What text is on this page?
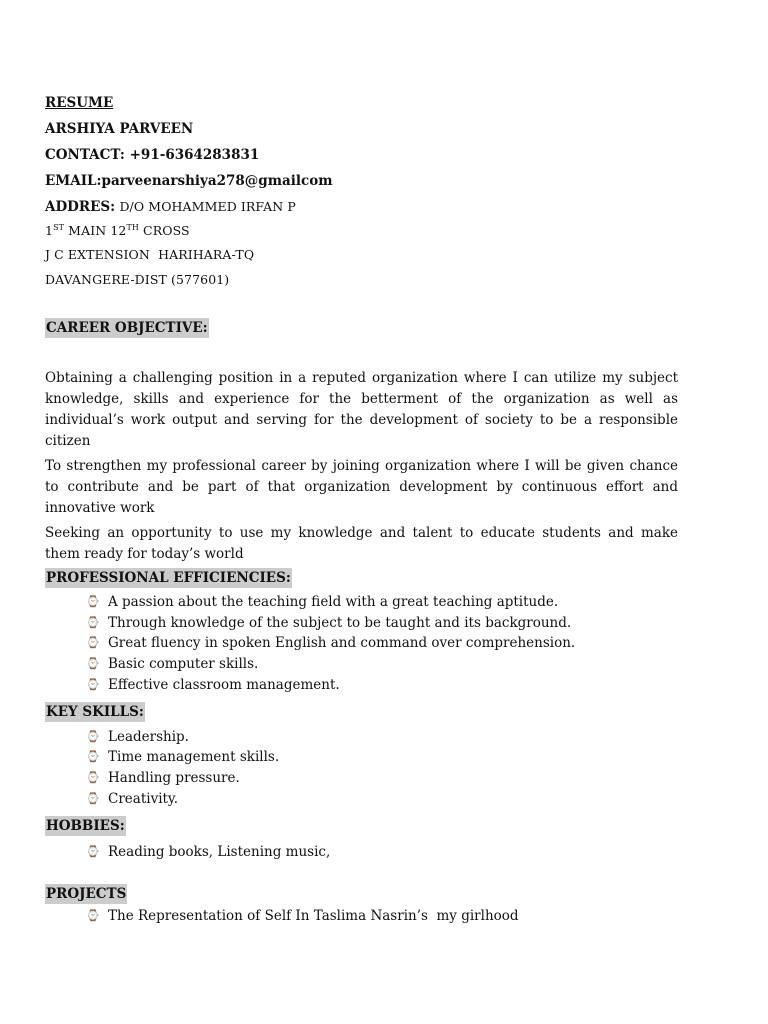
RESUME
ARSHIYA PARVEEN
CONTACT: +91-6364283831
EMAIL:parveenarshiya278@gmailcom
ADDRES: D/O MOHAMMED IRFAN P
1ST MAIN 12TH CROSS
J C EXTENSION  HARIHARA-TQ
DAVANGERE-DIST (577601)
CAREER OBJECTIVE:

Obtaining a challenging position in a reputed organization where I can utilize my subject knowledge, skills and experience for the betterment of the organization as well as individual’s work output and serving for the development of society to be a responsible citizen

To strengthen my professional career by joining organization where I will be given chance to contribute and be part of that organization development by continuous effort and innovative work

Seeking an opportunity to use my knowledge and talent to educate students and make them ready for today’s world

PROFESSIONAL EFFICIENCIES:
⌚ A passion about the teaching field with a great teaching aptitude.
⌚ Through knowledge of the subject to be taught and its background.
⌚ Great fluency in spoken English and command over comprehension.
⌚ Basic computer skills.
⌚ Effective classroom management.
KEY SKILLS:
⌚ Leadership.
⌚ Time management skills.
⌚ Handling pressure.
⌚ Creativity.
HOBBIES:
⌚ Reading books, Listening music,
PROJECTS
⌚ The Representation of Self In Taslima Nasrin’s  my girlhood
